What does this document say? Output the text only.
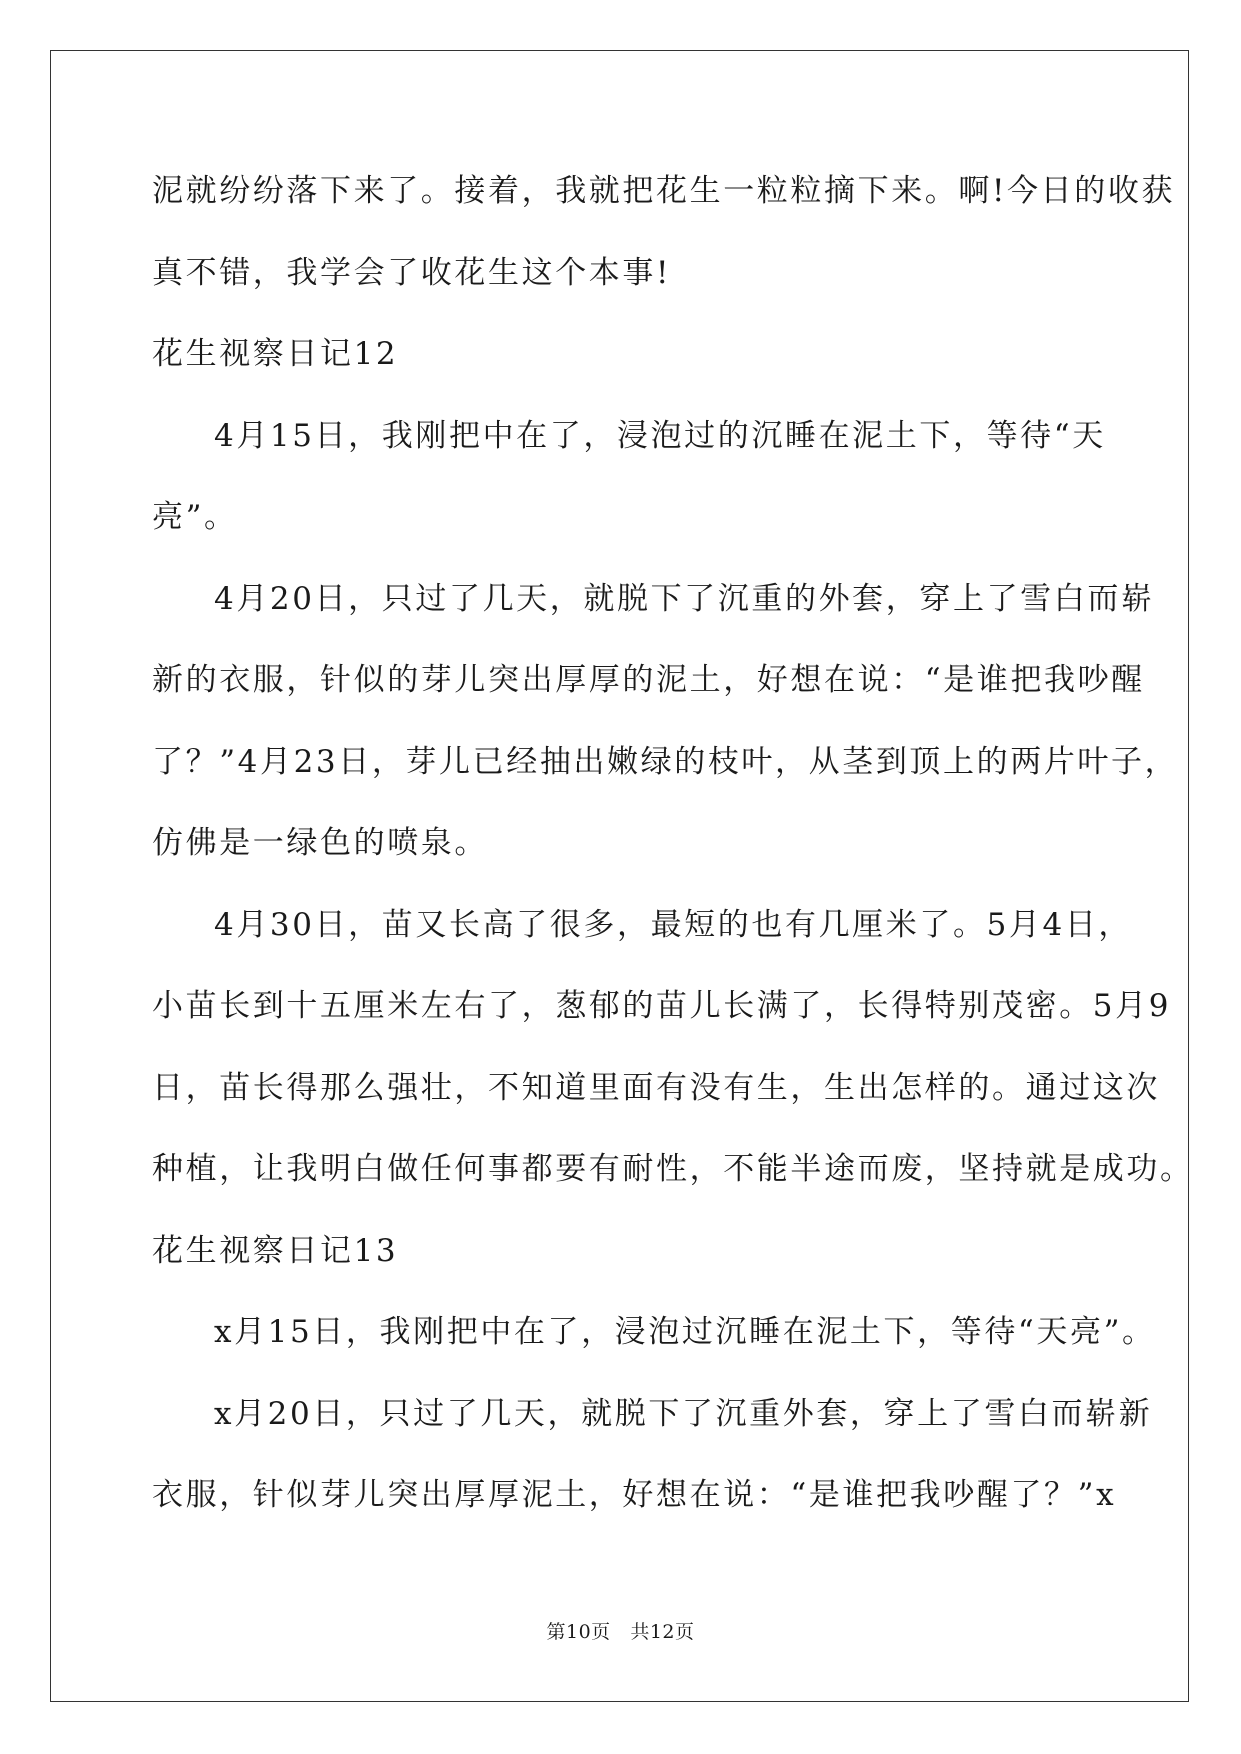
泥就纷纷落下来了。接着，我就把花生一粒粒摘下来。啊!今日的收获
真不错，我学会了收花生这个本事!
花生视察日记12
4月15日，我刚把中在了，浸泡过的沉睡在泥土下，等待“天
亮”。
4月20日，只过了几天，就脱下了沉重的外套，穿上了雪白而崭
新的衣服，针似的芽儿突出厚厚的泥土，好想在说：“是谁把我吵醒
了？”4月23日，芽儿已经抽出嫩绿的枝叶，从茎到顶上的两片叶子，
仿佛是一绿色的喷泉。
4月30日，苗又长高了很多，最短的也有几厘米了。5月4日，
小苗长到十五厘米左右了，葱郁的苗儿长满了，长得特别茂密。5月9
日，苗长得那么强壮，不知道里面有没有生，生出怎样的。通过这次
种植，让我明白做任何事都要有耐性，不能半途而废，坚持就是成功。
花生视察日记13
x月15日，我刚把中在了，浸泡过沉睡在泥土下，等待“天亮”。
x月20日，只过了几天，就脱下了沉重外套，穿上了雪白而崭新
衣服，针似芽儿突出厚厚泥土，好想在说：“是谁把我吵醒了？”x
第10页 共12页
